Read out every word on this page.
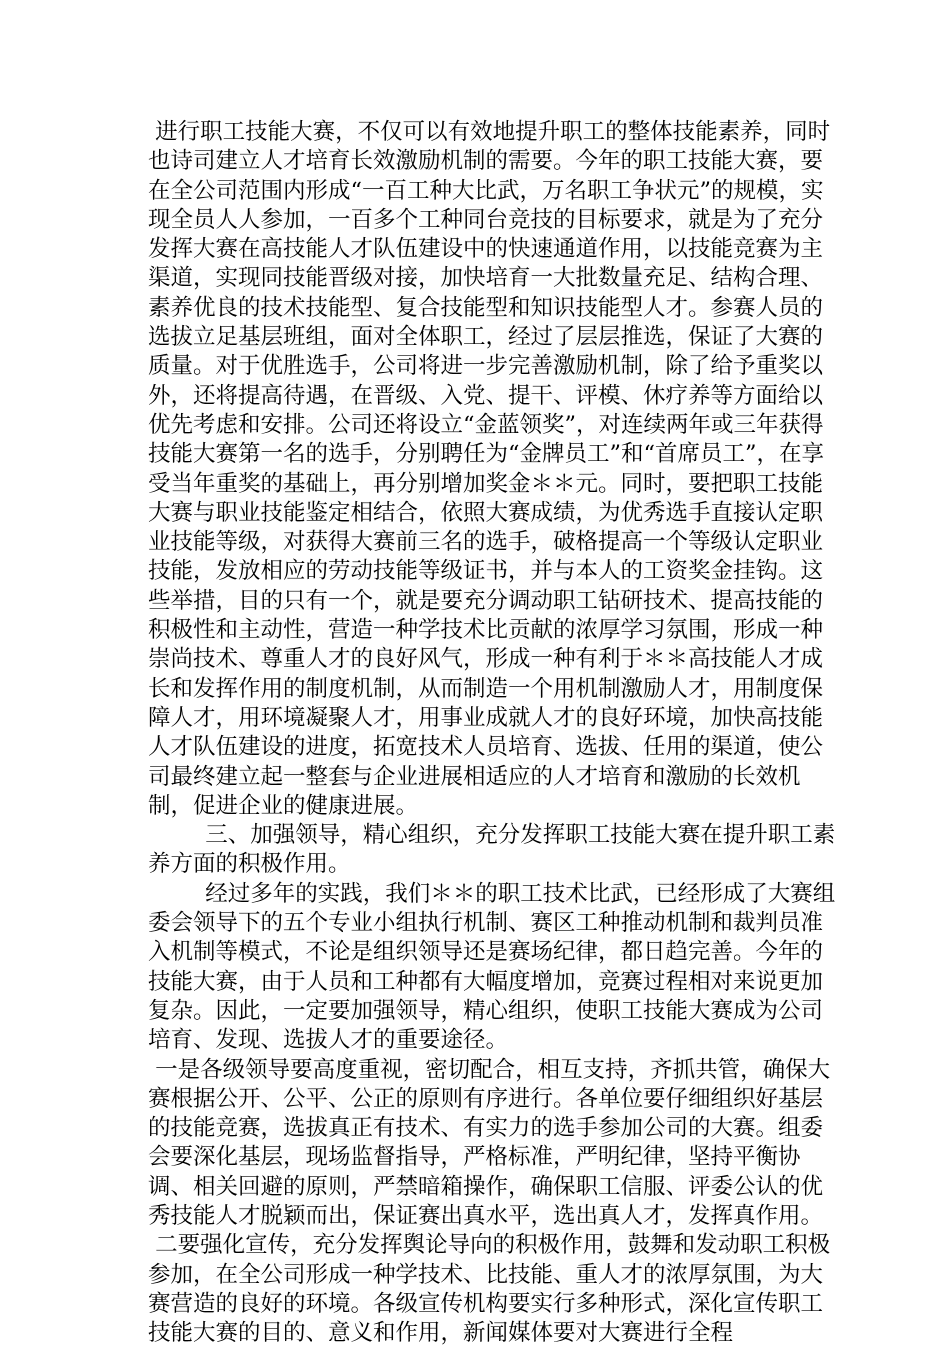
进行职工技能大赛，不仅可以有效地提升职工的整体技能素养，同时也诗司建立人才培育长效激励机制的需要。今年的职工技能大赛，要在全公司范围内形成“一百工种大比武，万名职工争状元”的规模，实现全员人人参加，一百多个工种同台竞技的目标要求，就是为了充分发挥大赛在高技能人才队伍建设中的快速通道作用，以技能竞赛为主渠道，实现同技能晋级对接，加快培育一大批数量充足、结构合理、素养优良的技术技能型、复合技能型和知识技能型人才。参赛人员的选拔立足基层班组，面对全体职工，经过了层层推选，保证了大赛的质量。对于优胜选手，公司将进一步完善激励机制，除了给予重奖以外，还将提高待遇，在晋级、入党、提干、评模、休疗养等方面给以优先考虑和安排。公司还将设立“金蓝领奖”，对连续两年或三年获得技能大赛第一名的选手，分别聘任为“金牌员工”和“首席员工”，在享受当年重奖的基础上，再分别增加奖金＊＊元。同时，要把职工技能大赛与职业技能鉴定相结合，依照大赛成绩，为优秀选手直接认定职业技能等级，对获得大赛前三名的选手，破格提高一个等级认定职业技能，发放相应的劳动技能等级证书，并与本人的工资奖金挂钩。这些举措，目的只有一个，就是要充分调动职工钻研技术、提高技能的积极性和主动性，营造一种学技术比贡献的浓厚学习氛围，形成一种崇尚技术、尊重人才的良好风气，形成一种有利于＊＊高技能人才成长和发挥作用的制度机制，从而制造一个用机制激励人才，用制度保障人才，用环境凝聚人才，用事业成就人才的良好环境，加快高技能人才队伍建设的进度，拓宽技术人员培育、选拔、任用的渠道，使公司最终建立起一整套与企业进展相适应的人才培育和激励的长效机制，促进企业的健康进展。

三、加强领导，精心组织，充分发挥职工技能大赛在提升职工素养方面的积极作用。

经过多年的实践，我们＊＊的职工技术比武，已经形成了大赛组委会领导下的五个专业小组执行机制、赛区工种推动机制和裁判员准入机制等模式，不论是组织领导还是赛场纪律，都日趋完善。今年的技能大赛，由于人员和工种都有大幅度增加，竞赛过程相对来说更加复杂。因此，一定要加强领导，精心组织，使职工技能大赛成为公司培育、发现、选拔人才的重要途径。

一是各级领导要高度重视，密切配合，相互支持，齐抓共管，确保大赛根据公开、公平、公正的原则有序进行。各单位要仔细组织好基层的技能竞赛，选拔真正有技术、有实力的选手参加公司的大赛。组委会要深化基层，现场监督指导，严格标准，严明纪律，坚持平衡协调、相关回避的原则，严禁暗箱操作，确保职工信服、评委公认的优秀技能人才脱颖而出，保证赛出真水平，选出真人才，发挥真作用。

二要强化宣传，充分发挥舆论导向的积极作用，鼓舞和发动职工积极参加，在全公司形成一种学技术、比技能、重人才的浓厚氛围，为大赛营造的良好的环境。各级宣传机构要实行多种形式，深化宣传职工技能大赛的目的、意义和作用，新闻媒体要对大赛进行全程
